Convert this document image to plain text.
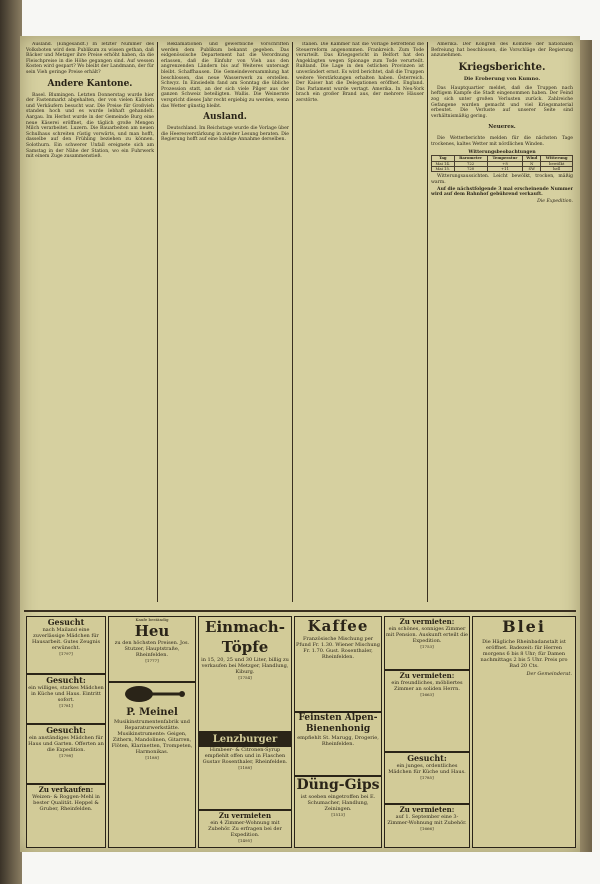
Ausland. (Eingesandt.) In letzter Nummer des Volksboten wird dem Publikum zu wissen gethan, daß Bäcker und Metzger ihre Preise erhöht haben, da die Fleischpreise in die Höhe gegangen sind. Auf wessen Kosten wird gespart? Wo bleibt der Landmann, der für sein Vieh geringe Preise erhält?

Andere Kantone.

Basel. Blumingen. Letzten Donnerstag wurde hier der Fastenmarkt abgehalten, der von vielen Käufern und Verkäufern besucht war. Die Preise für Großvieh standen hoch und es wurde lebhaft gehandelt. Aargau. Im Herbst wurde in der Gemeinde Burg eine neue Käserei eröffnet, die täglich große Mengen Milch verarbeitet. Luzern. Die Bauarbeiten am neuen Schulhaus schreiten rüstig vorwärts, und man hofft, dasselbe auf den Frühling beziehen zu können. Solothurn. Ein schwerer Unfall ereignete sich am Samstag in der Nähe der Station, wo ein Fuhrwerk mit einem Zuge zusammenstieß.

Reklamationen und gewerbliche Vorschriften werden dem Publikum bekannt gegeben. Das eidgenössische Departement hat die Verordnung erlassen, daß die Einfuhr von Vieh aus den angrenzenden Ländern bis auf Weiteres untersagt bleibt. Schaffhausen. Die Gemeindeversammlung hat beschlossen, das neue Wasserwerk zu erstellen. Schwyz. In Einsiedeln fand am Sonntag die übliche Prozession statt, an der sich viele Pilger aus der ganzen Schweiz beteiligten. Wallis. Die Weinernte verspricht dieses Jahr recht ergiebig zu werden, wenn das Wetter günstig bleibt.

Ausland.

Deutschland. Im Reichstage wurde die Vorlage über die Heeresverstärkung in zweiter Lesung beraten. Die Regierung hofft auf eine baldige Annahme derselben.

Italien. Die Kammer hat die Vorlage betreffend die Steuerreform angenommen. Frankreich. Zum Tode verurteilt. Das Kriegsgericht in Belfort hat den Angeklagten wegen Spionage zum Tode verurteilt. Rußland. Die Lage in den östlichen Provinzen ist unverändert ernst. Es wird berichtet, daß die Truppen weitere Verstärkungen erhalten haben. Österreich. Der Kaiser hat die Delegationen eröffnet. England. Das Parlament wurde vertagt. Amerika. In Neu-York brach ein großer Brand aus, der mehrere Häuser zerstörte.

Amerika. Der Kongreß des Komitee der nationalen Befreiung hat beschlossen, die Vorschläge der Regierung anzunehmen.

Kriegsberichte.
Die Eroberung von Kumno.

Das Hauptquartier meldet, daß die Truppen nach heftigem Kampfe die Stadt eingenommen haben. Der Feind zog sich unter großen Verlusten zurück. Zahlreiche Gefangene wurden gemacht und viel Kriegsmaterial erbeutet. Die Verluste auf unserer Seite sind verhältnismäßig gering.

Neueres.

Die Wetterberichte melden für die nächsten Tage trockenes, kaltes Wetter mit nördlichen Winden.

Witterungsbeobachtungen
Tag	Barometer	Temperatur	Wind	Witterung
Mai 14.	722	+8	N	bewölkt
Mai 15.	720	+11	SW	hell

Witterungsaussichten. Leicht bewölkt, trocken, mäßig warm.

Auf die nächstfolgende 3 mal erscheinende Nummer wird auf dem Bahnhof gebührend verkauft.

Die Expedition.
Gesucht
nach Mailand eine zuverlässige Mädchen für Hausarbeit. Gutes Zeugnis erwünscht.
[1797]
Gesucht:
ein williges, starkes Mädchen in Küche und Haus. Eintritt sofort.
[1781]
Gesucht:
ein anständiges Mädchen für Haus und Garten. Offerten an die Expedition.
[1798]
Zu verkaufen:
Weizen- & Roggen-Mehl in bester Qualität. Heppel & Gruber, Rheinfelden.
Kaufe beständig
Heu
zu den höchsten Preisen. Jos. Stutzer, Hauptstraße, Rheinfelden.
[1777]
P. Meinel
Musikinstrumentenfabrik und Reparaturwerkstätte. Musikinstrumente: Geigen, Zithern, Mandolinen, Gitarren, Flöten, Klarinetten, Trompeten, Harmonikas.
[1188]
Einmach-Töpfe
in 15, 20, 25 und 30 Liter, billig zu verkaufen bei Metzger, Handlung, Kiburg.
[1754]
Lenzburger
Himbeer- & Citronen-Syrup empfiehlt offen und in Flaschen Gustav Rosenthaler, Rheinfelden.
[1188]
Zu vermieten
ein 4 Zimmer-Wohnung mit Zubehör. Zu erfragen bei der Expedition.
[1495]
Kaffee
Französische Mischung per Pfund Fr. 1.30. Wiener Mischung Fr. 1.70. Gust. Rosenthaler, Rheinfelden.
Feinsten Alpen-Bienenhonig
empfiehlt St. Marugg, Drogerie, Rheinfelden.
Düng-Gips
ist soeben eingetroffen bei E. Schumacher, Handlung, Zeiningen.
[1513]
Zu vermieten:
ein schönes, sonniges Zimmer mit Pension. Auskunft erteilt die Expedition.
[1753]
Zu vermieten:
ein freundliches, möbliertes Zimmer an soliden Herrn.
[1663]
Gesucht:
ein junges, ordentliches Mädchen für Küche und Haus.
[1785]
Zu vermieten:
auf 1. September eine 3-Zimmer-Wohnung mit Zubehör.
[1666]
Blei
Die Hägliche Rheinbadanstalt ist eröffnet. Badezeit: für Herren morgens 6 bis 8 Uhr; für Damen nachmittags 2 bis 5 Uhr. Preis pro Bad 20 Cts.
Der Gemeinderat.
